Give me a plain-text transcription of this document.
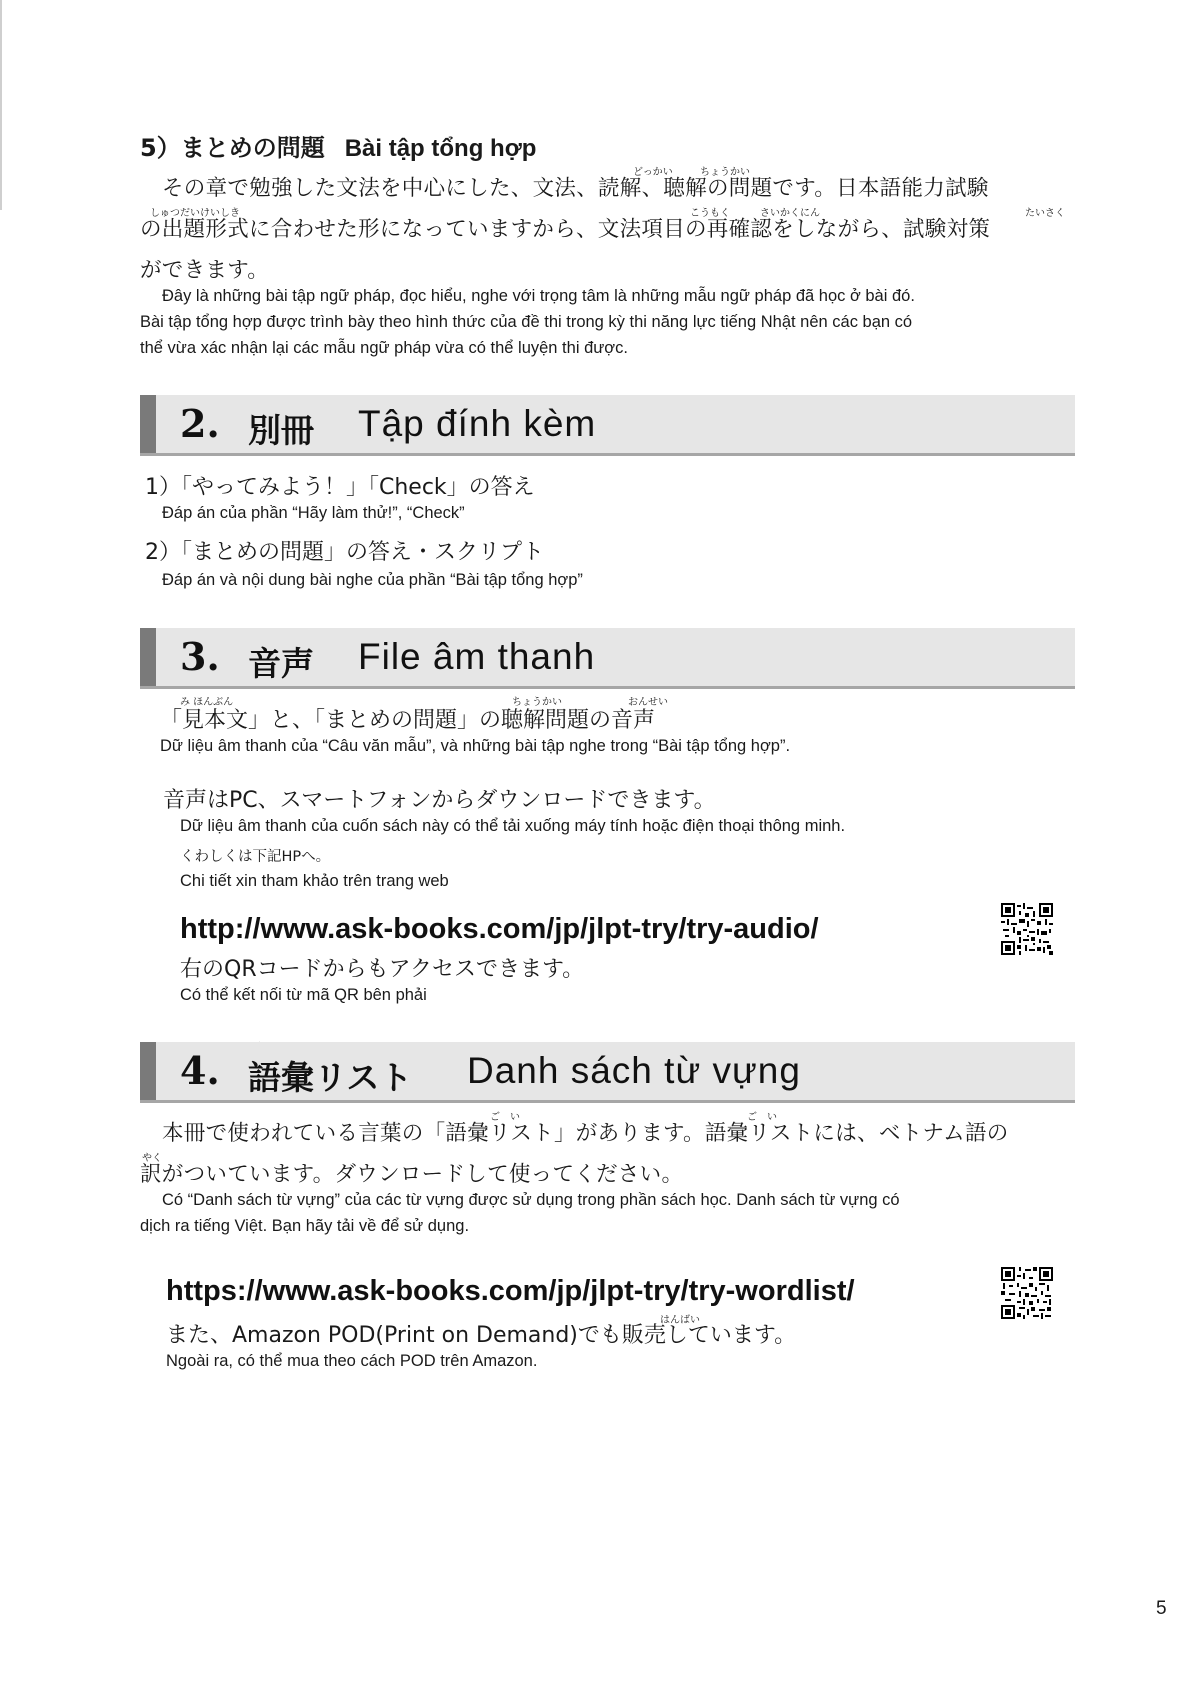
5）まとめの問題 Bài tập tổng hợp
どっかい	ちょうかい
しゅつだいけいしき	こうもく	さいかくにん	たいさく
その章で勉強した文法を中心にした、文法、読解、聴解の問題です。日本語能力試験
の出題形式に合わせた形になっていますから、文法項目の再確認をしながら、試験対策
ができます。
Đây là những bài tập ngữ pháp, đọc hiểu, nghe với trọng tâm là những mẫu ngữ pháp đã học ở bài đó.
Bài tập tổng hợp được trình bày theo hình thức của đề thi trong kỳ thi năng lực tiếng Nhật nên các bạn có
thể vừa xác nhận lại các mẫu ngữ pháp vừa có thể luyện thi được.
2. 別冊 Tập đính kèm
1）「やってみよう！」「Check」の答え
Đáp án của phần “Hãy làm thử!”, “Check”
2）「まとめの問題」の答え・スクリプト
Đáp án và nội dung bài nghe của phần “Bài tập tổng hợp”
3. 音声 File âm thanh
み ほんぶん	ちょうかい	おんせい
「見本文」と、「まとめの問題」の聴解問題の音声
Dữ liệu âm thanh của “Câu văn mẫu”, và những bài tập nghe trong “Bài tập tổng hợp”.
音声はPC、スマートフォンからダウンロードできます。
Dữ liệu âm thanh của cuốn sách này có thể tải xuống máy tính hoặc điện thoại thông minh.
くわしくは下記HPへ。
Chi tiết xin tham khảo trên trang web
http://www.ask-books.com/jp/jlpt-try/try-audio/
右のQRコードからもアクセスできます。
Có thể kết nối từ mã QR bên phải
4. 語彙リスト Danh sách từ vựng
ご　い	ご　い
やく
本冊で使われている言葉の「語彙リスト」があります。語彙リストには、ベトナム語の
訳がついています。ダウンロードして使ってください。
Có “Danh sách từ vựng” của các từ vựng được sử dụng trong phần sách học. Danh sách từ vựng có
dịch ra tiếng Việt. Bạn hãy tải về để sử dụng.
https://www.ask-books.com/jp/jlpt-try/try-wordlist/
はんばい
また、Amazon POD(Print on Demand)でも販売しています。
Ngoài ra, có thể mua theo cách POD trên Amazon.
5
